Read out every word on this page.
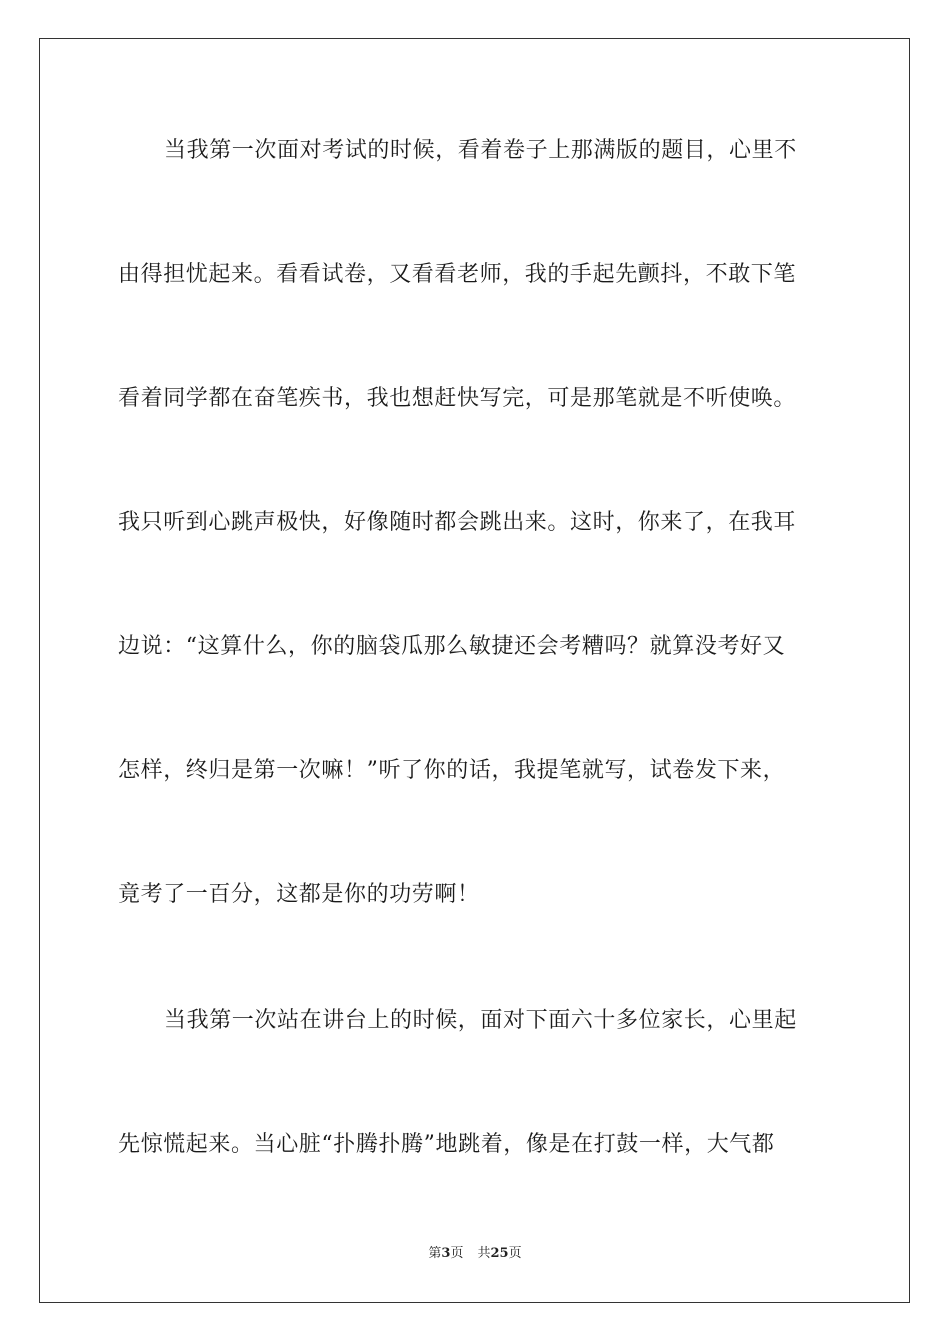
当我第一次面对考试的时候，看着卷子上那满版的题目，心里不
由得担忧起来。看看试卷，又看看老师，我的手起先颤抖，不敢下笔
看着同学都在奋笔疾书，我也想赶快写完，可是那笔就是不听使唤。
我只听到心跳声极快，好像随时都会跳出来。这时，你来了，在我耳
边说：“这算什么，你的脑袋瓜那么敏捷还会考糟吗？就算没考好又
怎样，终归是第一次嘛！”听了你的话，我提笔就写，试卷发下来，
竟考了一百分，这都是你的功劳啊！
当我第一次站在讲台上的时候，面对下面六十多位家长，心里起
先惊慌起来。当心脏“扑腾扑腾”地跳着，像是在打鼓一样，大气都
第3页 共25页
